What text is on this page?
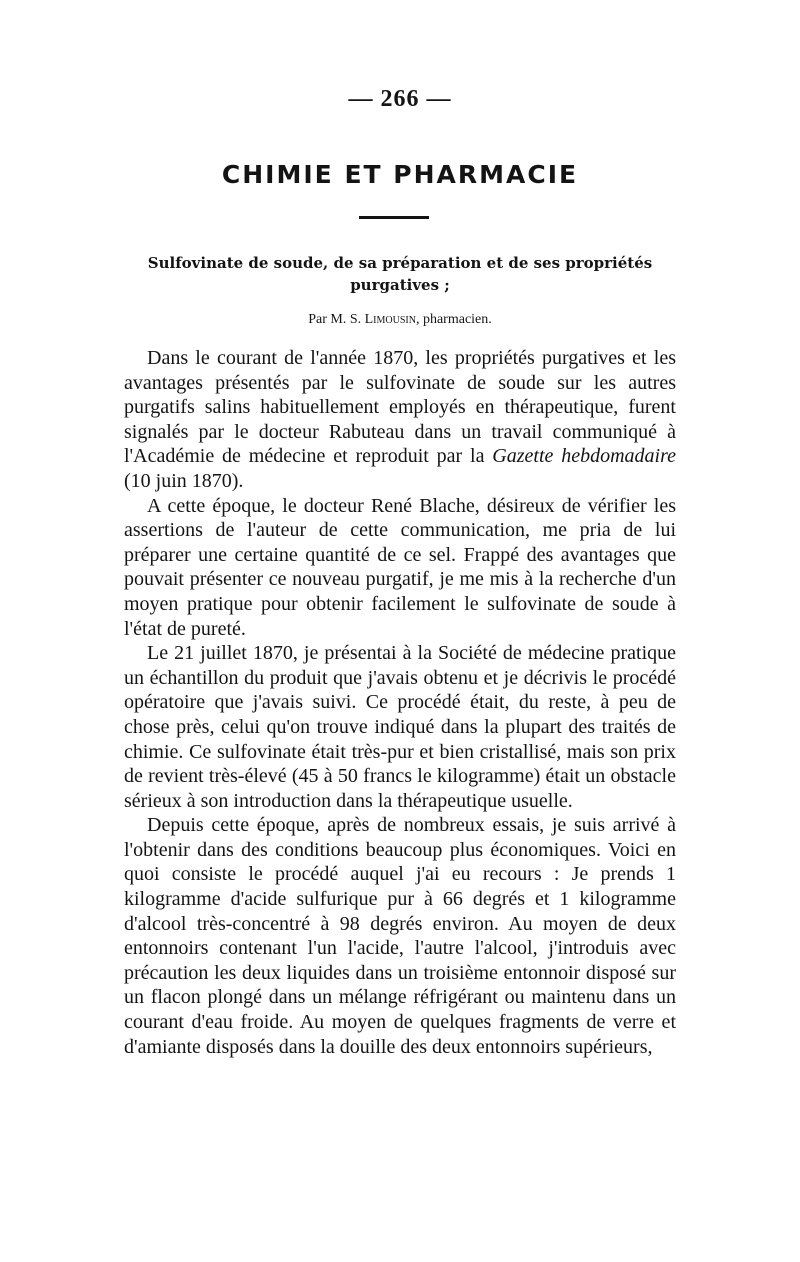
— 266 —
CHIMIE ET PHARMACIE
Sulfovinate de soude, de sa préparation et de ses propriétés purgatives ;
Par M. S. Limousin, pharmacien.

Dans le courant de l'année 1870, les propriétés purgatives et les avantages présentés par le sulfovinate de soude sur les autres purgatifs salins habituellement employés en thérapeutique, furent signalés par le docteur Rabuteau dans un travail communiqué à l'Académie de médecine et reproduit par la Gazette hebdomadaire (10 juin 1870).

A cette époque, le docteur René Blache, désireux de vérifier les assertions de l'auteur de cette communication, me pria de lui préparer une certaine quantité de ce sel. Frappé des avantages que pouvait présenter ce nouveau purgatif, je me mis à la recherche d'un moyen pratique pour obtenir facilement le sulfovinate de soude à l'état de pureté.

Le 21 juillet 1870, je présentai à la Société de médecine pratique un échantillon du produit que j'avais obtenu et je décrivis le procédé opératoire que j'avais suivi. Ce procédé était, du reste, à peu de chose près, celui qu'on trouve indiqué dans la plupart des traités de chimie. Ce sulfovinate était très-pur et bien cristallisé, mais son prix de revient très-élevé (45 à 50 francs le kilogramme) était un obstacle sérieux à son introduction dans la thérapeutique usuelle.

Depuis cette époque, après de nombreux essais, je suis arrivé à l'obtenir dans des conditions beaucoup plus économiques. Voici en quoi consiste le procédé auquel j'ai eu recours : Je prends 1 kilogramme d'acide sulfurique pur à 66 degrés et 1 kilogramme d'alcool très-concentré à 98 degrés environ. Au moyen de deux entonnoirs contenant l'un l'acide, l'autre l'alcool, j'introduis avec précaution les deux liquides dans un troisième entonnoir disposé sur un flacon plongé dans un mélange réfrigérant ou maintenu dans un courant d'eau froide. Au moyen de quelques fragments de verre et d'amiante disposés dans la douille des deux entonnoirs supérieurs,
